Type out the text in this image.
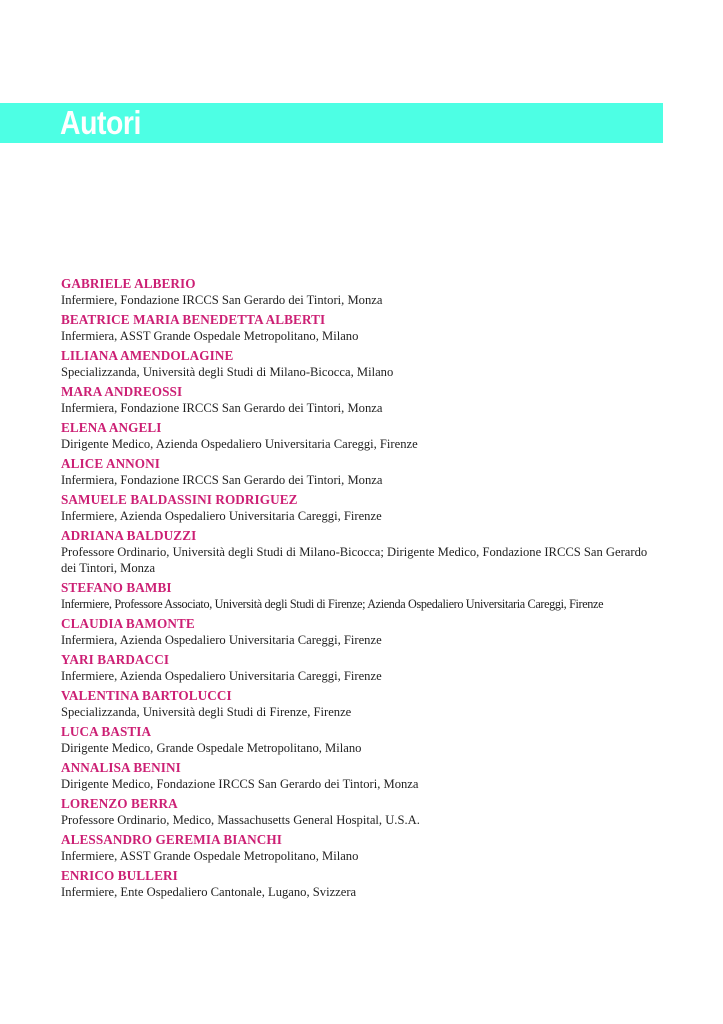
Autori
GABRIELE ALBERIO
Infermiere, Fondazione IRCCS San Gerardo dei Tintori, Monza
BEATRICE MARIA BENEDETTA ALBERTI
Infermiera, ASST Grande Ospedale Metropolitano, Milano
LILIANA AMENDOLAGINE
Specializzanda, Università degli Studi di Milano-Bicocca, Milano
MARA ANDREOSSI
Infermiera, Fondazione IRCCS San Gerardo dei Tintori, Monza
ELENA ANGELI
Dirigente Medico, Azienda Ospedaliero Universitaria Careggi, Firenze
ALICE ANNONI
Infermiera, Fondazione IRCCS San Gerardo dei Tintori, Monza
SAMUELE BALDASSINI RODRIGUEZ
Infermiere, Azienda Ospedaliero Universitaria Careggi, Firenze
ADRIANA BALDUZZI
Professore Ordinario, Università degli Studi di Milano-Bicocca; Dirigente Medico, Fondazione IRCCS San Gerardo dei Tintori, Monza
STEFANO BAMBI
Infermiere, Professore Associato, Università degli Studi di Firenze; Azienda Ospedaliero Universitaria Careggi, Firenze
CLAUDIA BAMONTE
Infermiera, Azienda Ospedaliero Universitaria Careggi, Firenze
YARI BARDACCI
Infermiere, Azienda Ospedaliero Universitaria Careggi, Firenze
VALENTINA BARTOLUCCI
Specializzanda, Università degli Studi di Firenze, Firenze
LUCA BASTIA
Dirigente Medico, Grande Ospedale Metropolitano, Milano
ANNALISA BENINI
Dirigente Medico, Fondazione IRCCS San Gerardo dei Tintori, Monza
LORENZO BERRA
Professore Ordinario, Medico, Massachusetts General Hospital, U.S.A.
ALESSANDRO GEREMIA BIANCHI
Infermiere, ASST Grande Ospedale Metropolitano, Milano
ENRICO BULLERI
Infermiere, Ente Ospedaliero Cantonale, Lugano, Svizzera
